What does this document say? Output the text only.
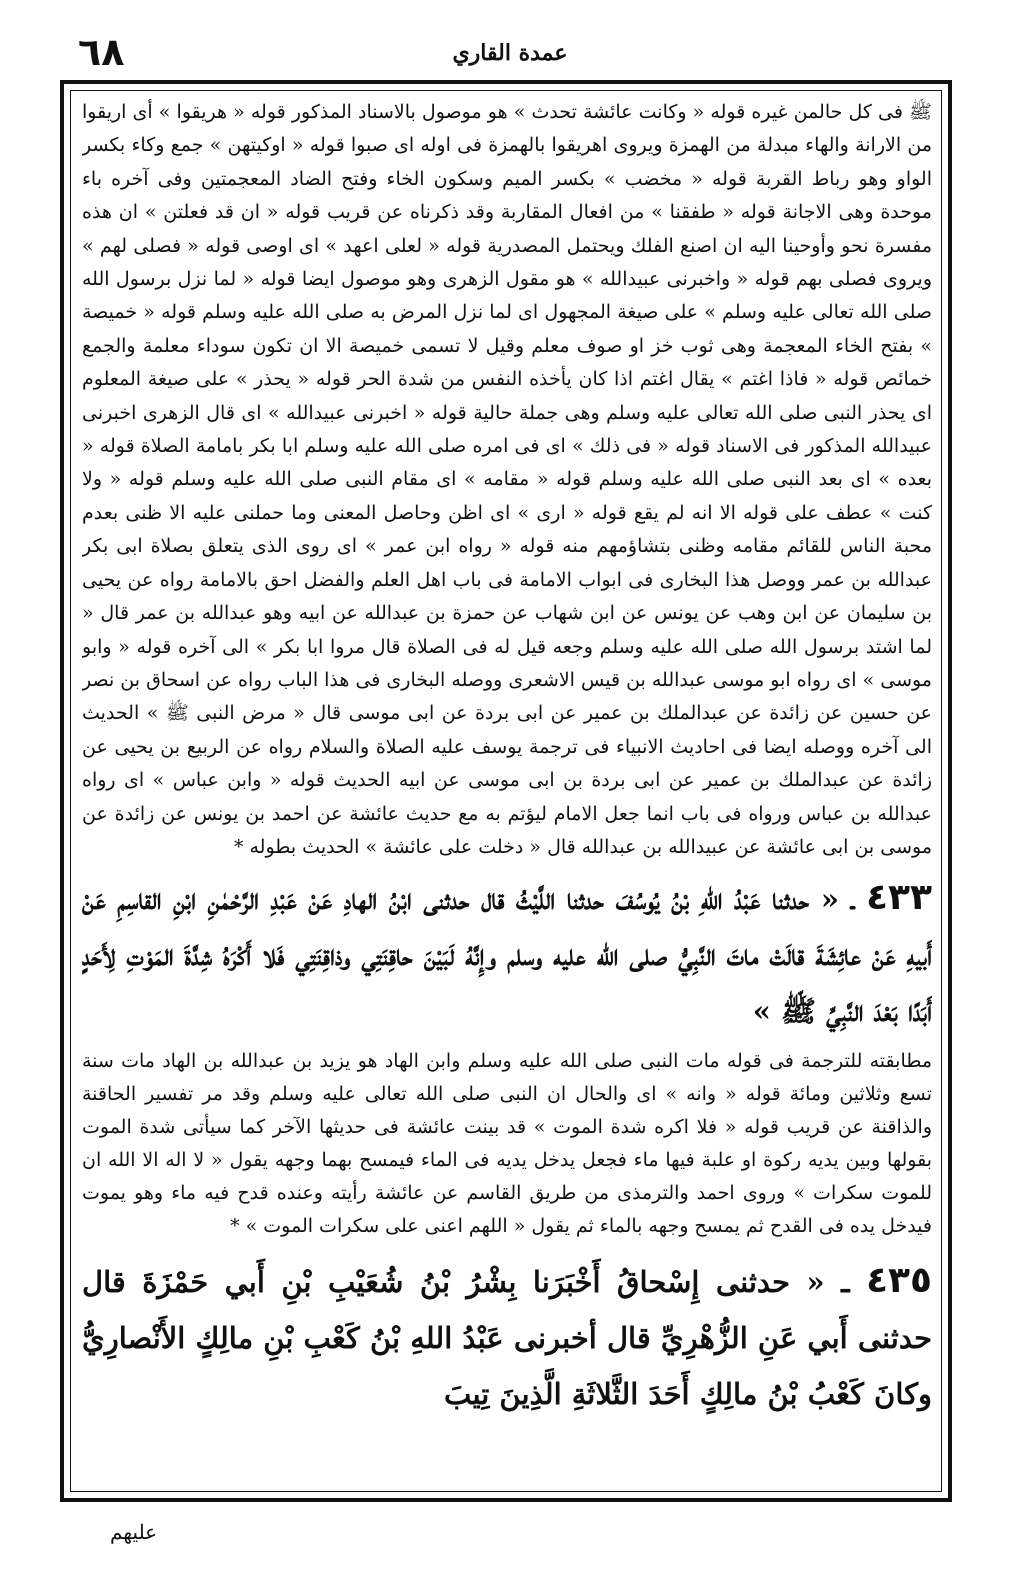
٦٨	عمدة القاري

ﷺ فى كل حالمن غيره قوله « وكانت عائشة تحدث » هو موصول بالاسناد المذكور قوله « هريقوا » أى اريقوا من الارانة والهاء مبدلة من الهمزة ويروى اهريقوا بالهمزة فى اوله اى صبوا قوله « اوكيتهن » جمع وكاء بكسر الواو وهو رباط القربة قوله « مخضب » بكسر الميم وسكون الخاء وفتح الضاد المعجمتين وفى آخره باء موحدة وهى الاجانة قوله « طفقنا » من افعال المقاربة وقد ذكرناه عن قريب قوله « ان قد فعلتن » ان هذه مفسرة نحو وأوحينا اليه ان اصنع الفلك ويحتمل المصدرية قوله « لعلى اعهد » اى اوصى قوله « فصلى لهم » ويروى فصلى بهم قوله « واخبرنى عبيدالله » هو مقول الزهرى وهو موصول ايضا قوله « لما نزل برسول الله صلى الله تعالى عليه وسلم » على صيغة المجهول اى لما نزل المرض به صلى الله عليه وسلم قوله « خميصة » بفتح الخاء المعجمة وهى ثوب خز او صوف معلم وقيل لا تسمى خميصة الا ان تكون سوداء معلمة والجمع خمائص قوله « فاذا اغتم » يقال اغتم اذا كان يأخذه النفس من شدة الحر قوله « يحذر » على صيغة المعلوم اى يحذر النبى صلى الله تعالى عليه وسلم وهى جملة حالية قوله « اخبرنى عبيدالله » اى قال الزهرى اخبرنى عبيدالله المذكور فى الاسناد قوله « فى ذلك » اى فى امره صلى الله عليه وسلم ابا بكر بامامة الصلاة قوله « بعده » اى بعد النبى صلى الله عليه وسلم قوله « مقامه » اى مقام النبى صلى الله عليه وسلم قوله « ولا كنت » عطف على قوله الا انه لم يقع قوله « ارى » اى اظن وحاصل المعنى وما حملنى عليه الا ظنى بعدم محبة الناس للقائم مقامه وظنى بتشاؤمهم منه قوله « رواه ابن عمر » اى روى الذى يتعلق بصلاة ابى بكر عبدالله بن عمر ووصل هذا البخارى فى ابواب الامامة فى باب اهل العلم والفضل احق بالامامة رواه عن يحيى بن سليمان عن ابن وهب عن يونس عن ابن شهاب عن حمزة بن عبدالله عن ابيه وهو عبدالله بن عمر قال « لما اشتد برسول الله صلى الله عليه وسلم وجعه قيل له فى الصلاة قال مروا ابا بكر » الى آخره قوله « وابو موسى » اى رواه ابو موسى عبدالله بن قيس الاشعرى ووصله البخارى فى هذا الباب رواه عن اسحاق بن نصر عن حسين عن زائدة عن عبدالملك بن عمير عن ابى بردة عن ابى موسى قال « مرض النبى ﷺ » الحديث الى آخره ووصله ايضا فى احاديث الانبياء فى ترجمة يوسف عليه الصلاة والسلام رواه عن الربيع بن يحيى عن زائدة عن عبدالملك بن عمير عن ابى بردة بن ابى موسى عن ابيه الحديث قوله « وابن عباس » اى رواه عبدالله بن عباس ورواه فى باب انما جعل الامام ليؤتم به مع حديث عائشة عن احمد بن يونس عن زائدة عن موسى بن ابى عائشة عن عبيدالله بن عبدالله قال « دخلت على عائشة » الحديث بطوله *

٤٣٣ ـ « حدثنا عَبْدُ اللهِ بْنُ يُوسُفَ حدثنا اللَّيْثُ قال حدثنى ابْنُ الهادِ عَنْ عَبْدِ الرَّحْمٰنِ ابْنِ القاسِمِ عَنْ أَبيهِ عَنْ عائِشَةَ قالَتْ ماتَ النَّبِيُّ صلى الله عليه وسلم وإِنَّهُ لَبَيْنَ حاقِنَتِي وذاقِنَتِي فَلا أَكْرَهُ شِدَّةَ المَوْتِ لِأَحَدٍ أَبَدًا بَعْدَ النَّبِيِّ ﷺ »

مطابقته للترجمة فى قوله مات النبى صلى الله عليه وسلم وابن الهاد هو يزيد بن عبدالله بن الهاد مات سنة تسع وثلاثين ومائة قوله « وانه » اى والحال ان النبى صلى الله تعالى عليه وسلم وقد مر تفسير الحاقنة والذاقنة عن قريب قوله « فلا اكره شدة الموت » قد بينت عائشة فى حديثها الآخر كما سيأتى شدة الموت بقولها وبين يديه ركوة او علبة فيها ماء فجعل يدخل يديه فى الماء فيمسح بهما وجهه يقول « لا اله الا الله ان للموت سكرات » وروى احمد والترمذى من طريق القاسم عن عائشة رأيته وعنده قدح فيه ماء وهو يموت فيدخل يده فى القدح ثم يمسح وجهه بالماء ثم يقول « اللهم اعنى على سكرات الموت » *

٤٣٥ ـ « حدثنى إِسْحاقُ أَخْبَرَنا بِشْرُ بْنُ شُعَيْبِ بْنِ أَبي حَمْزَةَ قال حدثنى أَبي عَنِ الزُّهْرِيِّ قال أخبرنى عَبْدُ اللهِ بْنُ كَعْبِ بْنِ مالِكٍ الأَنْصارِيُّ وكانَ كَعْبُ بْنُ مالِكٍ أَحَدَ الثَّلاثَةِ الَّذِينَ تِيبَ

عليهم
